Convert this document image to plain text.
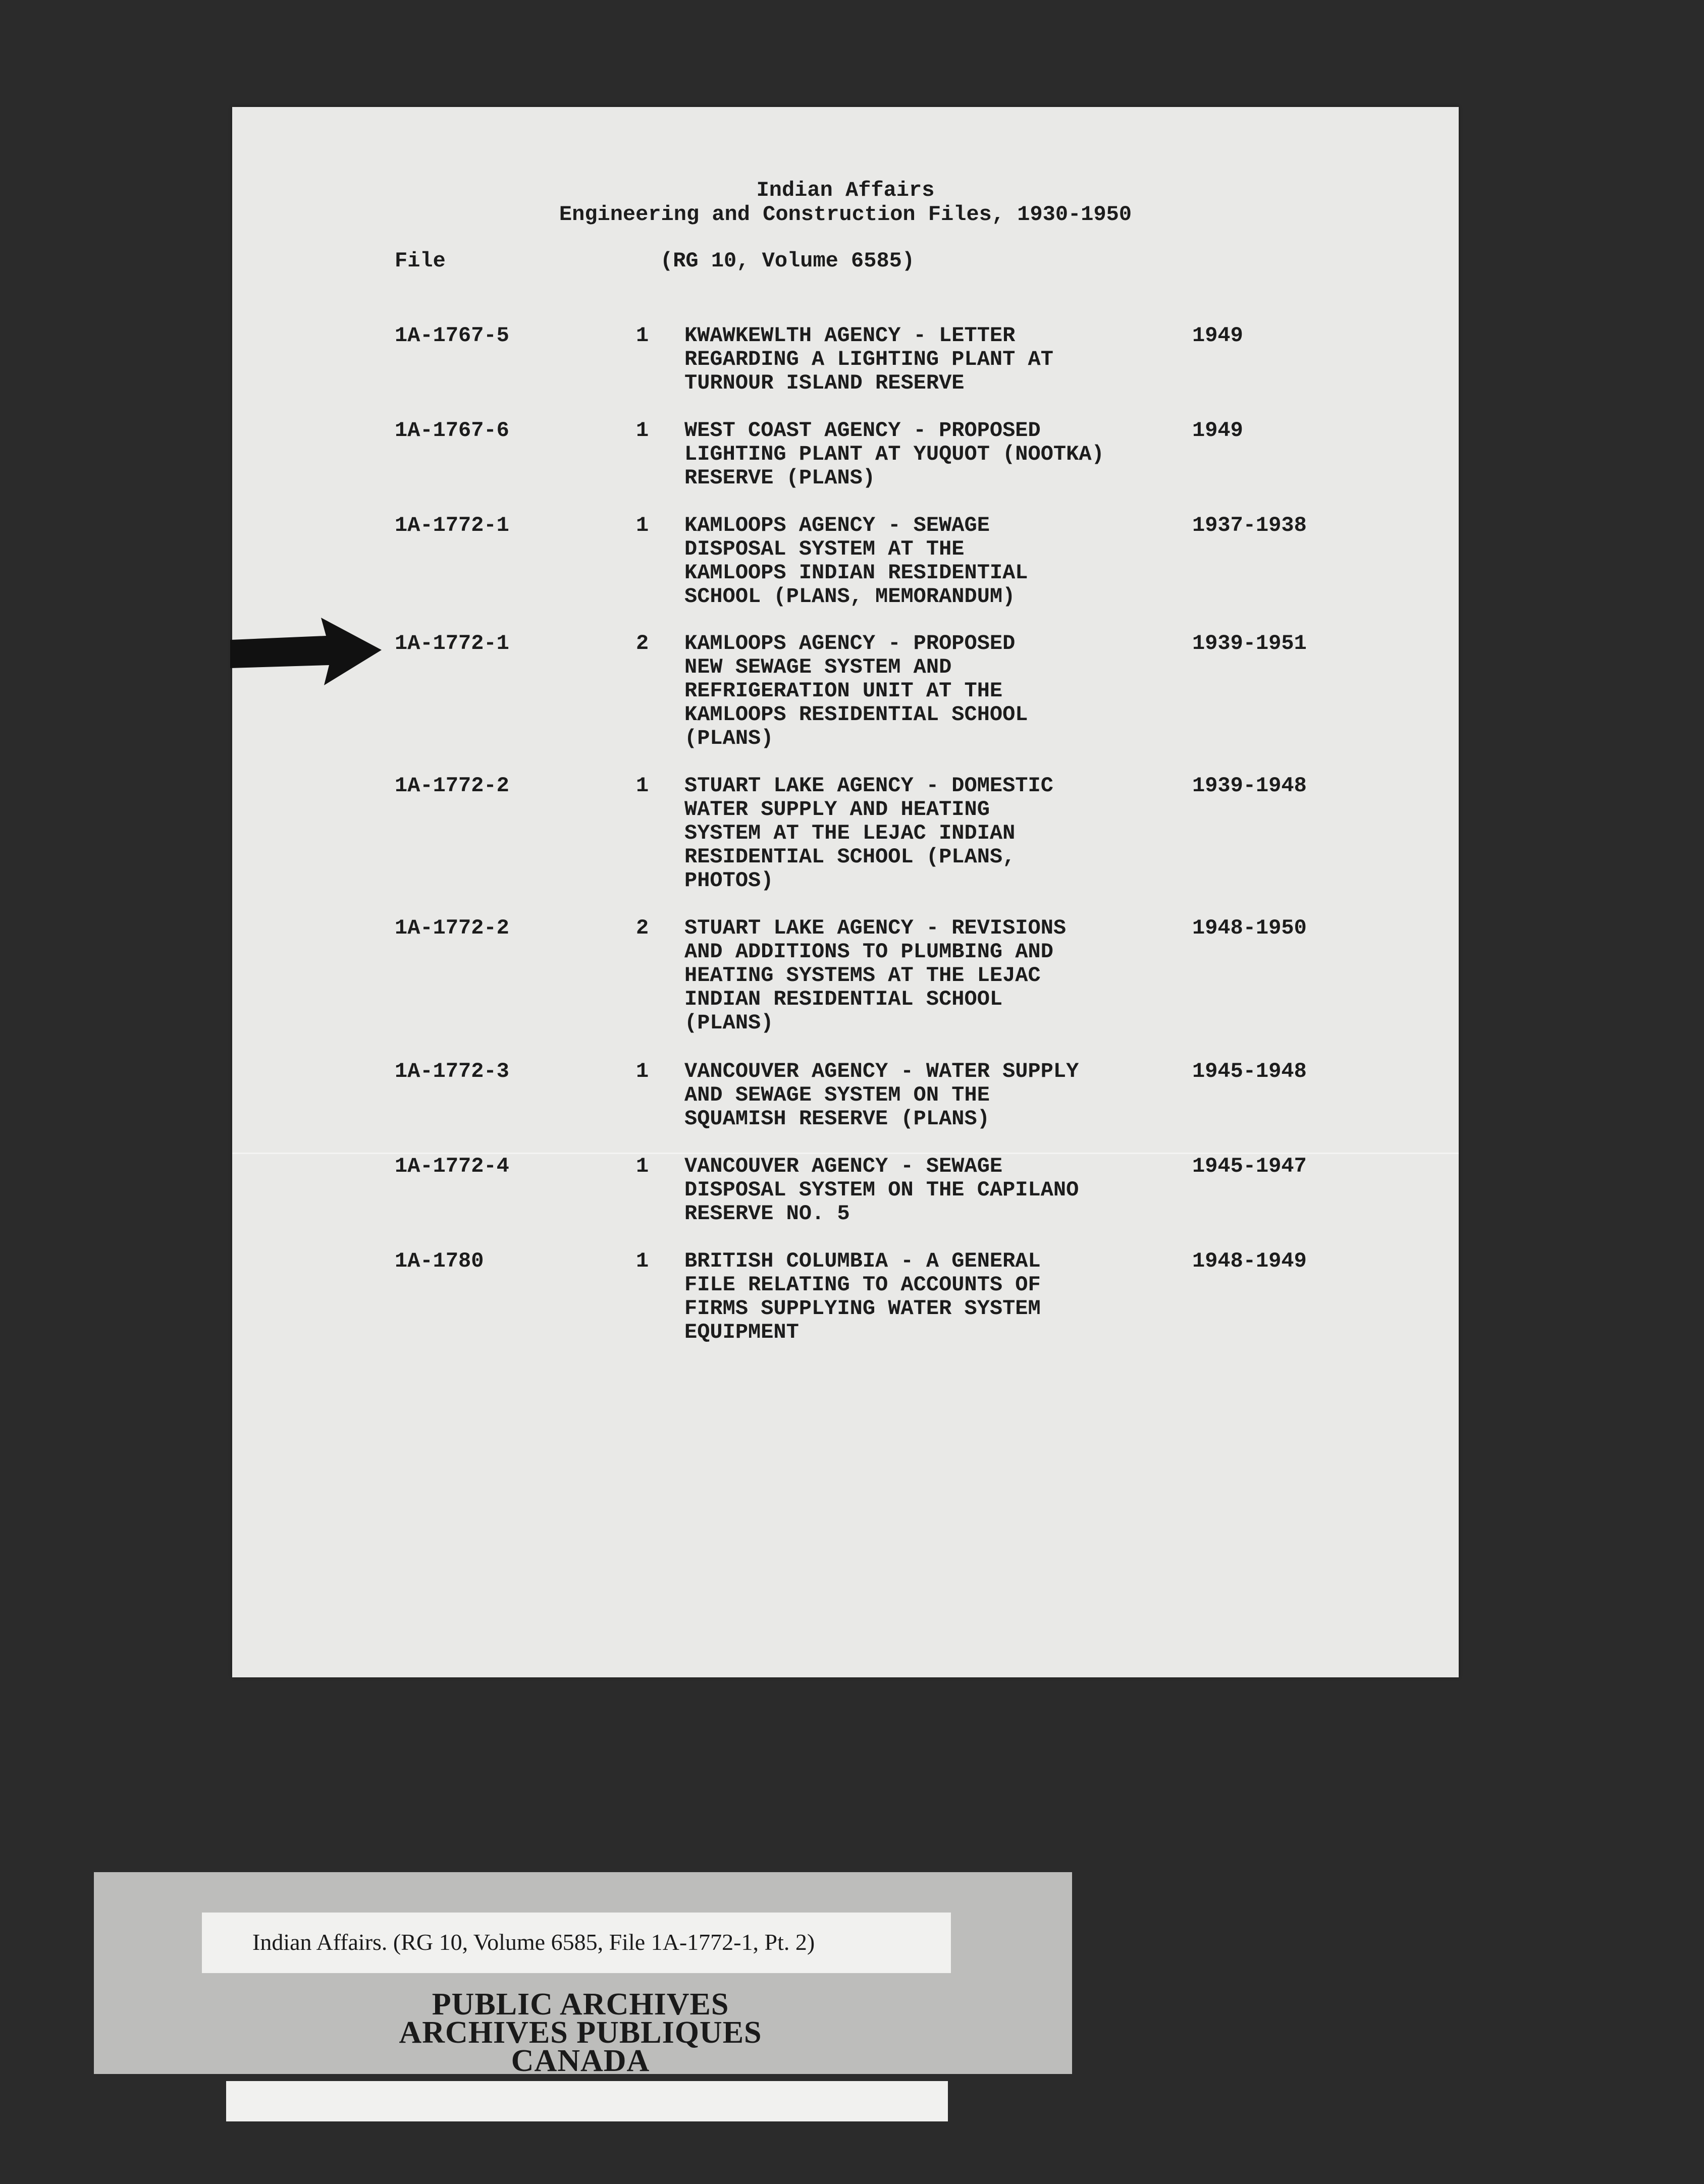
Indian Affairs
Engineering and Construction Files, 1930-1950
File	(RG 10, Volume 6585)
1A-1767-5	1 KWAWKEWLTH AGENCY - LETTER
REGARDING A LIGHTING PLANT AT
TURNOUR ISLAND RESERVE
1949
1A-1767-6	1 WEST COAST AGENCY - PROPOSED
LIGHTING PLANT AT YUQUOT (NOOTKA)
RESERVE (PLANS)
1949
1A-1772-1	1 KAMLOOPS AGENCY - SEWAGE
DISPOSAL SYSTEM AT THE
KAMLOOPS INDIAN RESIDENTIAL
SCHOOL (PLANS, MEMORANDUM)
1937-1938
1A-1772-1	2 KAMLOOPS AGENCY - PROPOSED
NEW SEWAGE SYSTEM AND
REFRIGERATION UNIT AT THE
KAMLOOPS RESIDENTIAL SCHOOL
(PLANS)
1939-1951
1A-1772-2	1 STUART LAKE AGENCY - DOMESTIC
WATER SUPPLY AND HEATING
SYSTEM AT THE LEJAC INDIAN
RESIDENTIAL SCHOOL (PLANS,
PHOTOS)
1939-1948
1A-1772-2	2 STUART LAKE AGENCY - REVISIONS
AND ADDITIONS TO PLUMBING AND
HEATING SYSTEMS AT THE LEJAC
INDIAN RESIDENTIAL SCHOOL
(PLANS)
1948-1950
1A-1772-3	1 VANCOUVER AGENCY - WATER SUPPLY
AND SEWAGE SYSTEM ON THE
SQUAMISH RESERVE (PLANS)
1945-1948
1A-1772-4	1 VANCOUVER AGENCY - SEWAGE
DISPOSAL SYSTEM ON THE CAPILANO
RESERVE NO. 5
1945-1947
1A-1780	1 BRITISH COLUMBIA - A GENERAL
FILE RELATING TO ACCOUNTS OF
FIRMS SUPPLYING WATER SYSTEM
EQUIPMENT
1948-1949
Indian Affairs. (RG 10, Volume 6585, File 1A-1772-1, Pt. 2)
PUBLIC ARCHIVES
ARCHIVES PUBLIQUES
CANADA
